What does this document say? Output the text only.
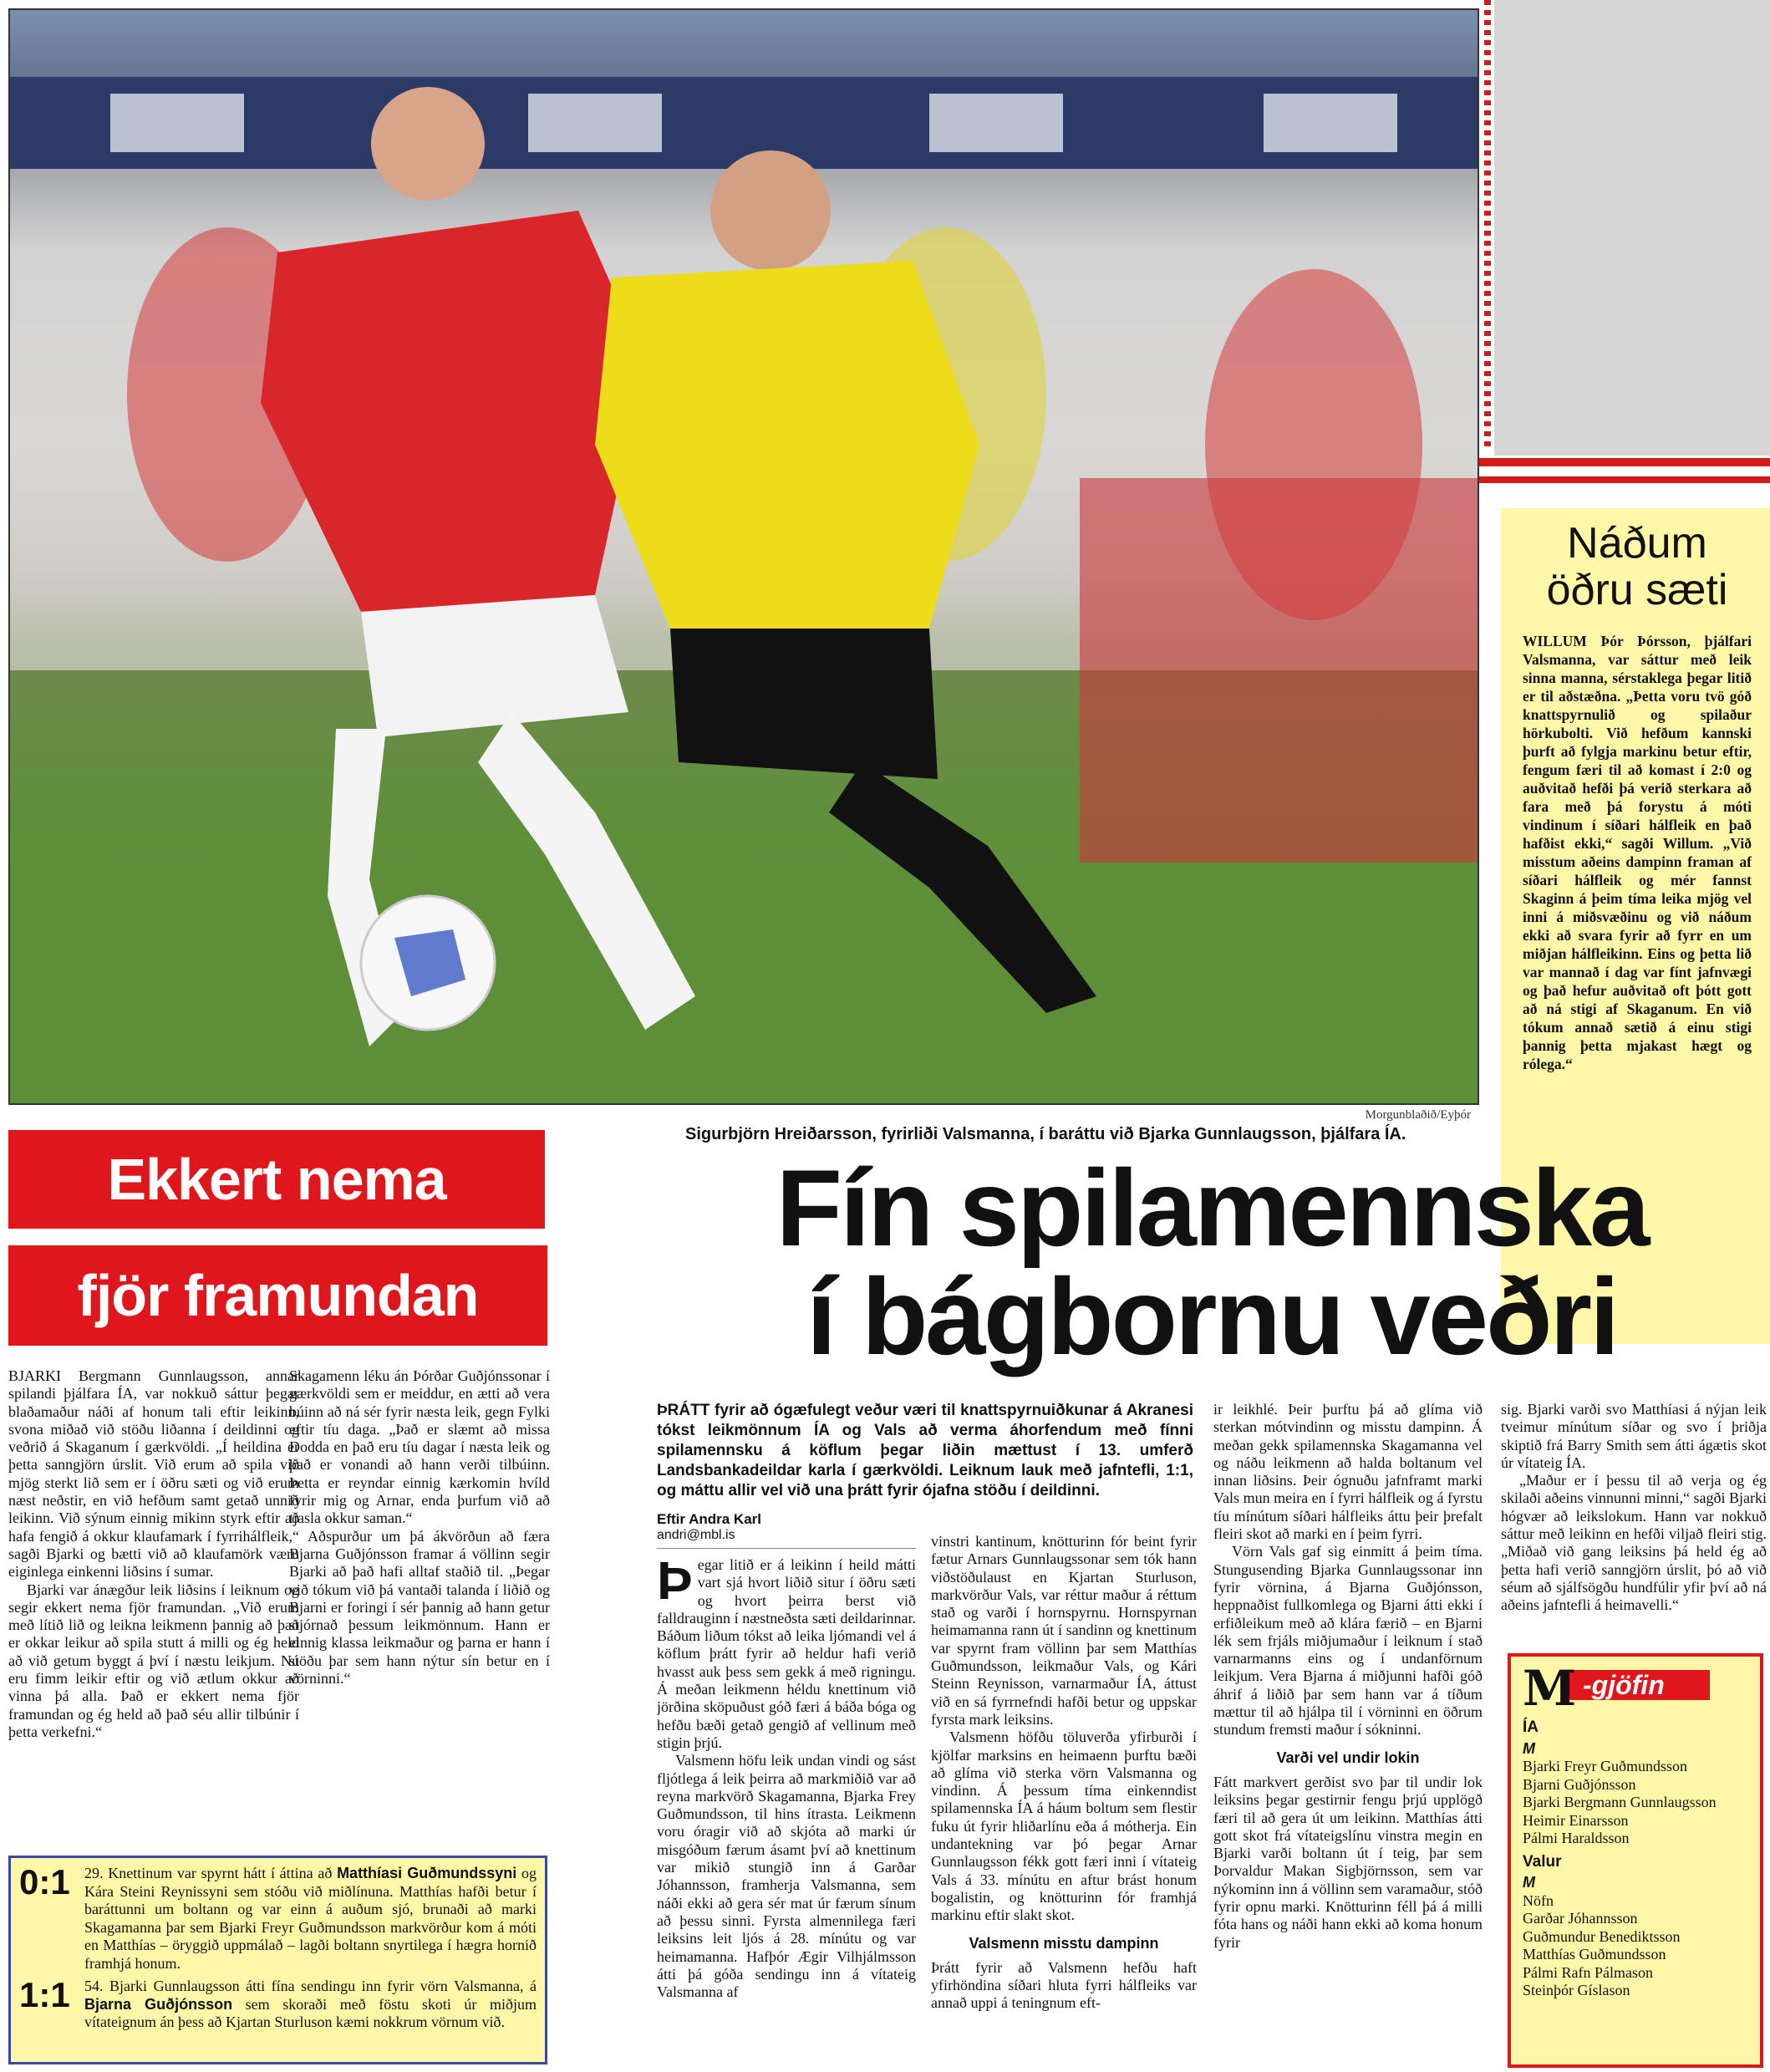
Morgunblaðið/Eyþór
Sigurbjörn Hreiðarsson, fyrirliði Valsmanna, í baráttu við Bjarka Gunnlaugsson, þjálfara ÍA.
Náðum
öðru sæti

WILLUM Þór Þórsson, þjálfari Valsmanna, var sáttur með leik sinna manna, sérstaklega þegar litið er til aðstæðna. „Þetta voru tvö góð knattspyrnulið og spilaður hörkubolti. Við hefðum kannski þurft að fylgja markinu betur eftir, fengum færi til að komast í 2:0 og auðvitað hefði þá verið sterkara að fara með þá forystu á móti vindinum í síðari hálfleik en það hafðist ekki,“ sagði Willum. „Við misstum aðeins dampinn framan af síðari hálfleik og mér fannst Skaginn á þeim tíma leika mjög vel inni á miðsvæðinu og við náðum ekki að svara fyrir að fyrr en um miðjan hálfleikinn. Eins og þetta lið var mannað í dag var fínt jafnvægi og það hefur auðvitað oft þótt gott að ná stigi af Skaganum. En við tókum annað sætið á einu stigi þannig þetta mjakast hægt og rólega.“

Ekkert nema
fjör framundan

BJARKI Bergmann Gunnlaugsson, annar spilandi þjálfara ÍA, var nokkuð sáttur þegar blaðamaður náði af honum tali eftir leikinn, svona miðað við stöðu liðanna í deildinni og veðrið á Skaganum í gærkvöldi. „Í heildina er þetta sanngjörn úrslit. Við erum að spila við mjög sterkt lið sem er í öðru sæti og við erum næst neðstir, en við hefðum samt getað unnið leikinn. Við sýnum einnig mikinn styrk eftir að hafa fengið á okkur klaufamark í fyrrihálfleik,“ sagði Bjarki og bætti við að klaufamörk væru eiginlega einkenni liðsins í sumar.

Bjarki var ánægður leik liðsins í leiknum og segir ekkert nema fjör framundan. „Við erum með lítið lið og leikna leikmenn þannig að það er okkar leikur að spila stutt á milli og ég held að við getum byggt á því í næstu leikjum. Nú eru fimm leikir eftir og við ætlum okkur að vinna þá alla. Það er ekkert nema fjör framundan og ég held að það séu allir tilbúnir í þetta verkefni.“

Skagamenn léku án Þórðar Guðjónssonar í gærkvöldi sem er meiddur, en ætti að vera búinn að ná sér fyrir næsta leik, gegn Fylki eftir tíu daga. „Það er slæmt að missa Dodda en það eru tíu dagar í næsta leik og það er vonandi að hann verði tilbúinn. Þetta er reyndar einnig kærkomin hvíld fyrir mig og Arnar, enda þurfum við að tjasla okkur saman.“

Aðspurður um þá ákvörðun að færa Bjarna Guðjónsson framar á völlinn segir Bjarki að það hafi alltaf staðið til. „Þegar við tókum við þá vantaði talanda í liðið og Bjarni er foringi í sér þannig að hann getur stjórnað þessum leikmönnum. Hann er einnig klassa leikmaður og þarna er hann í stöðu þar sem hann nýtur sín betur en í vörninni.“

0:1 29. Knettinum var spyrnt hátt í áttina að Matthíasi Guðmundssyni og Kára Steini Reynissyni sem stóðu við miðlínuna. Matthías hafði betur í baráttunni um boltann og var einn á auðum sjó, brunaði að marki Skagamanna þar sem Bjarki Freyr Guðmundsson markvörður kom á móti en Matthías – öryggið uppmálað – lagði boltann snyrtilega í hægra hornið framhjá honum.
1:1 54. Bjarki Gunnlaugsson átti fína sendingu inn fyrir vörn Valsmanna, á Bjarna Guðjónsson sem skoraði með föstu skoti úr miðjum vítateignum án þess að Kjartan Sturluson kæmi nokkrum vörnum við.
Fín spilamennska
í bágbornu veðri
ÞRÁTT fyrir að ógæfulegt veður væri til knattspyrnuiðkunar á Akranesi tókst leikmönnum ÍA og Vals að verma áhorfendum með fínni spilamennsku á köflum þegar liðin mættust í 13. umferð Landsbankadeildar karla í gærkvöldi. Leiknum lauk með jafntefli, 1:1, og máttu allir vel við una þrátt fyrir ójafna stöðu í deildinni.
Eftir Andra Karl
andri@mbl.is

Þegar litið er á leikinn í heild mátti vart sjá hvort liðið situr í öðru sæti og hvort þeirra berst við falldrauginn í næstneðsta sæti deildarinnar. Báðum liðum tókst að leika ljómandi vel á köflum þrátt fyrir að heldur hafi verið hvasst auk þess sem gekk á með rigningu. Á meðan leikmenn héldu knettinum við jörðina sköpuðust góð færi á báða bóga og hefðu bæði getað gengið af vellinum með stigin þrjú.

Valsmenn höfu leik undan vindi og sást fljótlega á leik þeirra að markmiðið var að reyna markvörð Skagamanna, Bjarka Frey Guðmundsson, til hins ítrasta. Leikmenn voru óragir við að skjóta að marki úr misgóðum færum ásamt því að knettinum var mikið stungið inn á Garðar Jóhannsson, framherja Valsmanna, sem náði ekki að gera sér mat úr færum sínum að þessu sinni. Fyrsta almennilega færi leiksins leit ljós á 28. mínútu og var heimamanna. Hafþór Ægir Vilhjálmsson átti þá góða sendingu inn á vítateig Valsmanna af

vinstri kantinum, knötturinn fór beint fyrir fætur Arnars Gunnlaugssonar sem tók hann viðstöðulaust en Kjartan Sturluson, markvörður Vals, var réttur maður á réttum stað og varði í hornspyrnu. Hornspyrnan heimamanna rann út í sandinn og knettinum var spyrnt fram völlinn þar sem Matthías Guðmundsson, leikmaður Vals, og Kári Steinn Reynisson, varnarmaður ÍA, áttust við en sá fyrrnefndi hafði betur og uppskar fyrsta mark leiksins.

Valsmenn höfðu töluverða yfirburði í kjölfar marksins en heimaenn þurftu bæði að glíma við sterka vörn Valsmanna og vindinn. Á þessum tíma einkenndist spilamennska ÍA á háum boltum sem flestir fuku út fyrir hliðarlínu eða á mótherja. Ein undantekning var þó þegar Arnar Gunnlaugsson fékk gott færi inni í vítateig Vals á 33. mínútu en aftur brást honum bogalistin, og knötturinn fór framhjá markinu eftir slakt skot.

Valsmenn misstu dampinn

Þrátt fyrir að Valsmenn hefðu haft yfirhöndina síðari hluta fyrri hálfleiks var annað uppi á teningnum eft-

ir leikhlé. Þeir þurftu þá að glíma við sterkan mótvindinn og misstu dampinn. Á meðan gekk spilamennska Skagamanna vel og náðu leikmenn að halda boltanum vel innan liðsins. Þeir ógnuðu jafnframt marki Vals mun meira en í fyrri hálfleik og á fyrstu tíu mínútum síðari hálfleiks áttu þeir þrefalt fleiri skot að marki en í þeim fyrri.

Vörn Vals gaf sig einmitt á þeim tíma. Stungusending Bjarka Gunnlaugssonar inn fyrir vörnina, á Bjarna Guðjónsson, heppnaðist fullkomlega og Bjarni átti ekki í erfiðleikum með að klára færið – en Bjarni lék sem frjáls miðjumaður í leiknum í stað varnarmanns eins og í undanförnum leikjum. Vera Bjarna á miðjunni hafði góð áhrif á liðið þar sem hann var á tíðum mættur til að hjálpa til í vörninni en öðrum stundum fremsti maður í sókninni.

Varði vel undir lokin

Fátt markvert gerðist svo þar til undir lok leiksins þegar gestirnir fengu þrjú upplögð færi til að gera út um leikinn. Matthías átti gott skot frá vítateigslínu vinstra megin en Bjarki varði boltann út í teig, þar sem Þorvaldur Makan Sigbjörnsson, sem var nýkominn inn á völlinn sem varamaður, stóð fyrir opnu marki. Knötturinn féll þá á milli fóta hans og náði hann ekki að koma honum fyrir

sig. Bjarki varði svo Matthíasi á nýjan leik tveimur mínútum síðar og svo í þriðja skiptið frá Barry Smith sem átti ágætis skot úr vítateig ÍA.

„Maður er í þessu til að verja og ég skilaði aðeins vinnunni minni,“ sagði Bjarki hógvær að leikslokum. Hann var nokkuð sáttur með leikinn en hefði viljað fleiri stig. „Miðað við gang leiksins þá held ég að þetta hafi verið sanngjörn úrslit, þó að við séum að sjálfsögðu hundfúlir yfir því að ná aðeins jafntefli á heimavelli.“

-gjöfin
M
ÍA
M
Bjarki Freyr Guðmundsson
Bjarni Guðjónsson
Bjarki Bergmann Gunnlaugsson
Heimir Einarsson
Pálmi Haraldsson
Valur
M
Nöfn
Garðar Jóhannsson
Guðmundur Benediktsson
Matthías Guðmundsson
Pálmi Rafn Pálmason
Steinþór Gíslason
